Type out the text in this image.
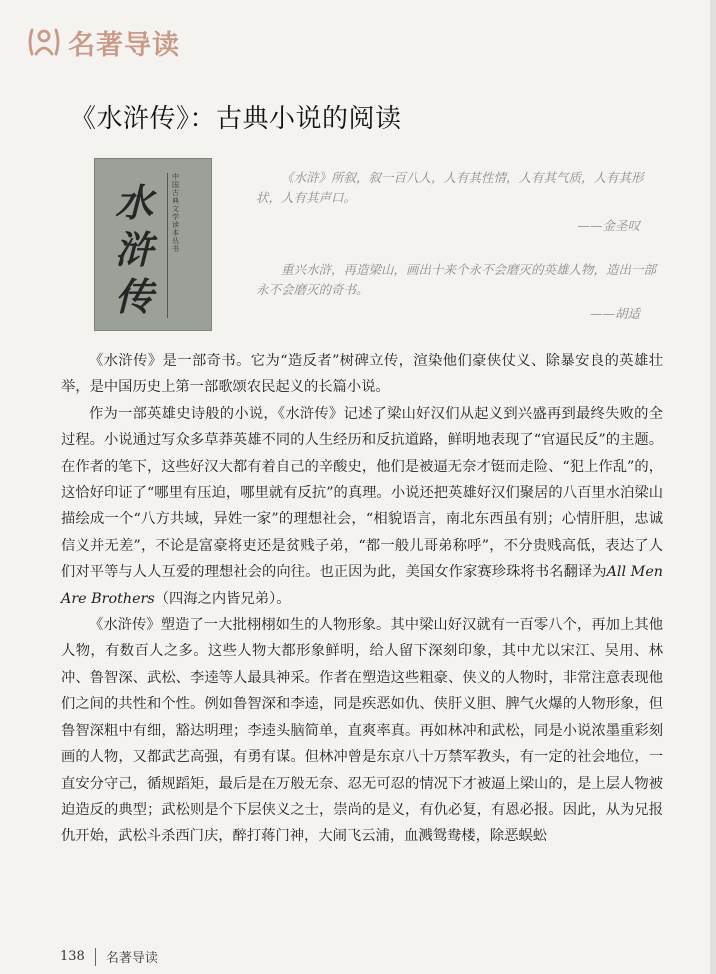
名著导读
《水浒传》：古典小说的阅读
中国古典文学读本丛书
水
浒
传
《水浒》所叙，叙一百八人，人有其性情，人有其气质，人有其形状，人有其声口。
——金圣叹
重兴水浒，再造梁山，画出十来个永不会磨灭的英雄人物，造出一部永不会磨灭的奇书。
——胡适

《水浒传》是一部奇书。它为“造反者”树碑立传，渲染他们豪侠仗义、除暴安良的英雄壮举，是中国历史上第一部歌颂农民起义的长篇小说。

作为一部英雄史诗般的小说，《水浒传》记述了梁山好汉们从起义到兴盛再到最终失败的全过程。小说通过写众多草莽英雄不同的人生经历和反抗道路，鲜明地表现了“官逼民反”的主题。在作者的笔下，这些好汉大都有着自己的辛酸史，他们是被逼无奈才铤而走险、“犯上作乱”的，这恰好印证了“哪里有压迫，哪里就有反抗”的真理。小说还把英雄好汉们聚居的八百里水泊梁山描绘成一个“八方共域，异姓一家”的理想社会，“相貌语言，南北东西虽有别；心情肝胆，忠诚信义并无差”，不论是富豪将吏还是贫贱子弟，“都一般儿哥弟称呼”，不分贵贱高低，表达了人们对平等与人人互爱的理想社会的向往。也正因为此，美国女作家赛珍珠将书名翻译为All Men Are Brothers（四海之内皆兄弟）。

《水浒传》塑造了一大批栩栩如生的人物形象。其中梁山好汉就有一百零八个，再加上其他人物，有数百人之多。这些人物大都形象鲜明，给人留下深刻印象，其中尤以宋江、吴用、林冲、鲁智深、武松、李逵等人最具神采。作者在塑造这些粗豪、侠义的人物时，非常注意表现他们之间的共性和个性。例如鲁智深和李逵，同是疾恶如仇、侠肝义胆、脾气火爆的人物形象，但鲁智深粗中有细，豁达明理；李逵头脑简单，直爽率真。再如林冲和武松，同是小说浓墨重彩刻画的人物，又都武艺高强，有勇有谋。但林冲曾是东京八十万禁军教头，有一定的社会地位，一直安分守己，循规蹈矩，最后是在万般无奈、忍无可忍的情况下才被逼上梁山的，是上层人物被迫造反的典型；武松则是个下层侠义之士，崇尚的是义，有仇必复，有恩必报。因此，从为兄报仇开始，武松斗杀西门庆，醉打蒋门神，大闹飞云浦，血溅鸳鸯楼，除恶蜈蚣

138 名著导读
